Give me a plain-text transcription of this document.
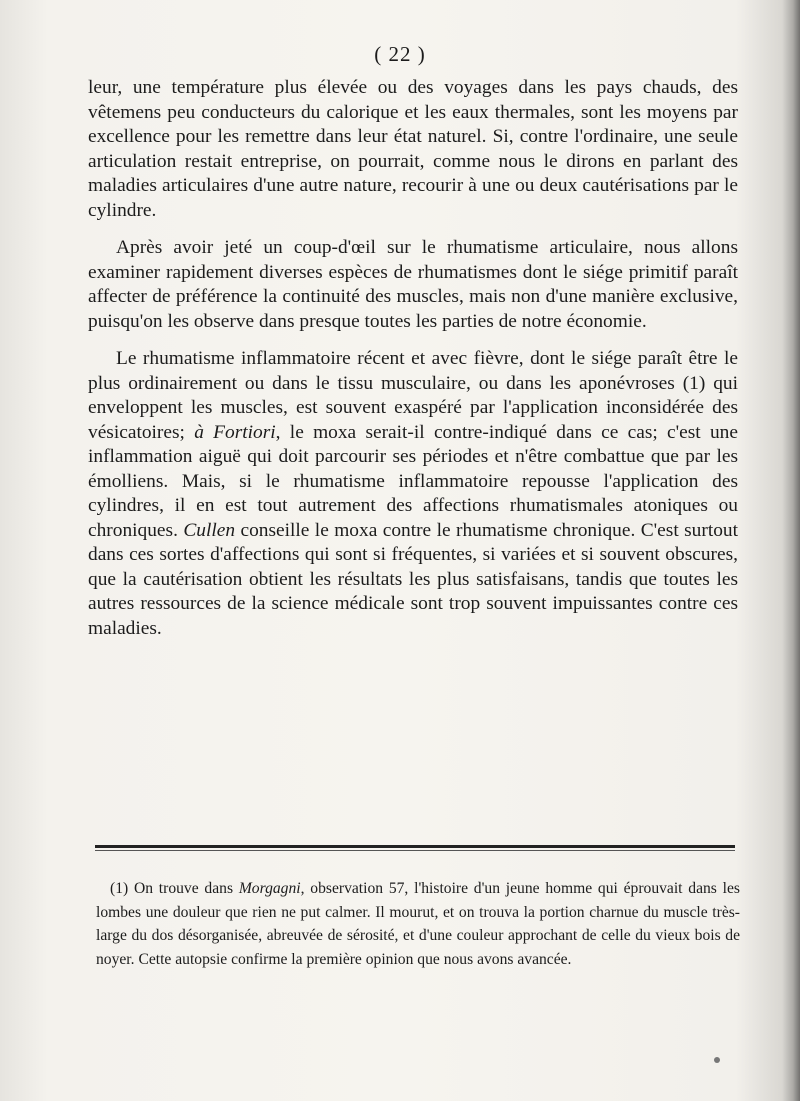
( 22 )

leur, une température plus élevée ou des voyages dans les pays chauds, des vêtemens peu conducteurs du calorique et les eaux thermales, sont les moyens par excellence pour les remettre dans leur état naturel. Si, contre l'ordinaire, une seule articulation restait entreprise, on pourrait, comme nous le dirons en parlant des maladies articulaires d'une autre nature, recourir à une ou deux cautérisations par le cylindre.

Après avoir jeté un coup-d'œil sur le rhumatisme articulaire, nous allons examiner rapidement diverses espèces de rhumatismes dont le siége primitif paraît affecter de préférence la continuité des muscles, mais non d'une manière exclusive, puisqu'on les observe dans presque toutes les parties de notre économie.

Le rhumatisme inflammatoire récent et avec fièvre, dont le siége paraît être le plus ordinairement ou dans le tissu musculaire, ou dans les aponévroses (1) qui enveloppent les muscles, est souvent exaspéré par l'application inconsidérée des vésicatoires; à Fortiori, le moxa serait-il contre-indiqué dans ce cas; c'est une inflammation aiguë qui doit parcourir ses périodes et n'être combattue que par les émolliens. Mais, si le rhumatisme inflammatoire repousse l'application des cylindres, il en est tout autrement des affections rhumatismales atoniques ou chroniques. Cullen conseille le moxa contre le rhumatisme chronique. C'est surtout dans ces sortes d'affections qui sont si fréquentes, si variées et si souvent obscures, que la cautérisation obtient les résultats les plus satisfaisans, tandis que toutes les autres ressources de la science médicale sont trop souvent impuissantes contre ces maladies.

(1) On trouve dans Morgagni, observation 57, l'histoire d'un jeune homme qui éprouvait dans les lombes une douleur que rien ne put calmer. Il mourut, et on trouva la portion charnue du muscle très-large du dos désorganisée, abreuvée de sérosité, et d'une couleur approchant de celle du vieux bois de noyer. Cette autopsie confirme la première opinion que nous avons avancée.
